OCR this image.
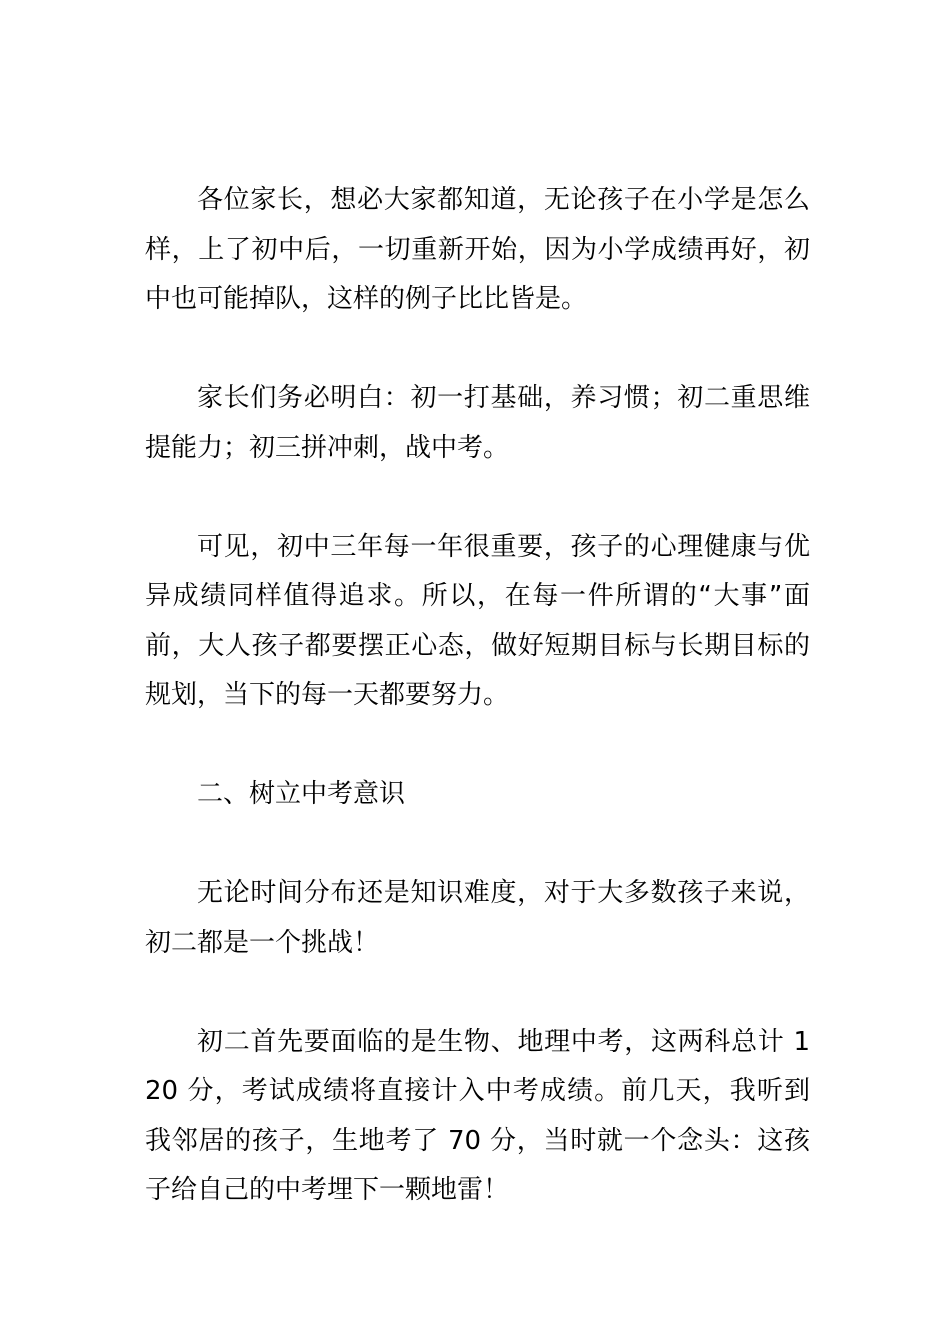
各位家长，想必大家都知道，无论孩子在小学是怎么样，上了初中后，一切重新开始，因为小学成绩再好，初中也可能掉队，这样的例子比比皆是。

家长们务必明白：初一打基础，养习惯；初二重思维提能力；初三拼冲刺，战中考。

可见，初中三年每一年很重要，孩子的心理健康与优异成绩同样值得追求。所以，在每一件所谓的“大事”面前，大人孩子都要摆正心态，做好短期目标与长期目标的规划，当下的每一天都要努力。

二、树立中考意识

无论时间分布还是知识难度，对于大多数孩子来说，初二都是一个挑战！

初二首先要面临的是生物、地理中考，这两科总计 120 分，考试成绩将直接计入中考成绩。前几天，我听到我邻居的孩子，生地考了 70 分，当时就一个念头：这孩子给自己的中考埋下一颗地雷！
